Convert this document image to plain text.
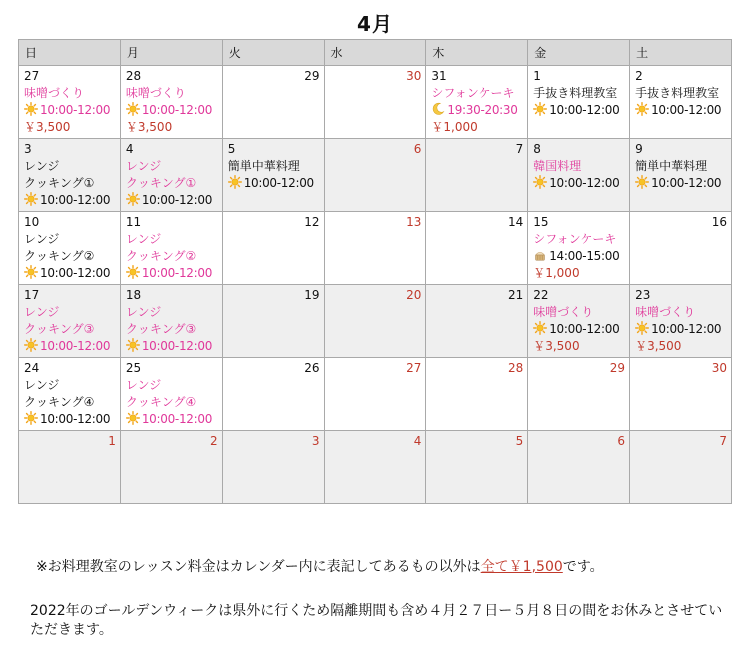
4月
日	月	火	水	木	金	土
27
味噌づくり
10:00-12:00
￥3,500	28
味噌づくり
10:00-12:00
￥3,500	29	30	31
シフォンケーキ
19:30-20:30
￥1,000	1
手抜き料理教室
10:00-12:00	2
手抜き料理教室
10:00-12:00

3
レンジ
クッキング①
10:00-12:00	4
レンジ
クッキング①
10:00-12:00	5
簡単中華料理
10:00-12:00	6	7	8
韓国料理
10:00-12:00	9
簡単中華料理
10:00-12:00

10
レンジ
クッキング②
10:00-12:00	11
レンジ
クッキング②
10:00-12:00	12	13	14	15
シフォンケーキ
14:00-15:00
￥1,000	16

17
レンジ
クッキング③
10:00-12:00	18
レンジ
クッキング③
10:00-12:00	19	20	21	22
味噌づくり
10:00-12:00
￥3,500	23
味噌づくり
10:00-12:00
￥3,500

24
レンジ
クッキング④
10:00-12:00	25
レンジ
クッキング④
10:00-12:00	26	27	28	29	30

1	2	3	4	5	6	7
※お料理教室のレッスン料金はカレンダー内に表記してあるもの以外は全て￥1,500です。
2022年のゴールデンウィークは県外に行くため隔離期間も含め４月２７日ー５月８日の間をお休みとさせていただきます。
